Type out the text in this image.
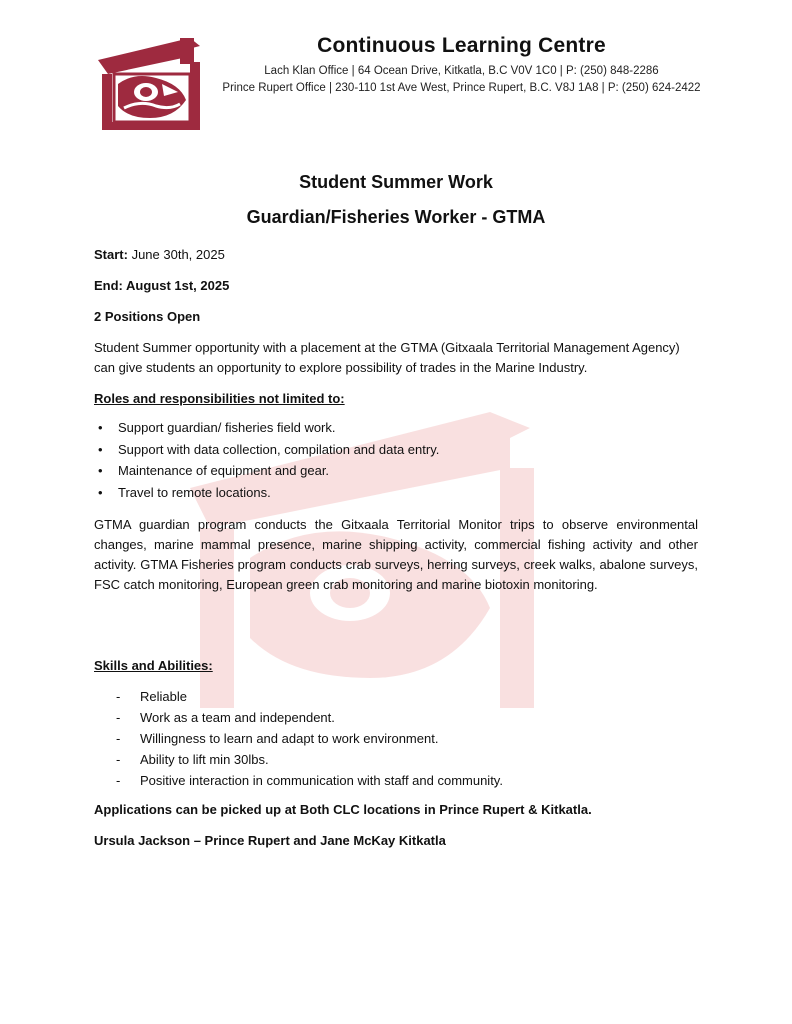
Continuous Learning Centre
Lach Klan Office | 64 Ocean Drive, Kitkatla, B.C V0V 1C0 | P: (250) 848-2286
Prince Rupert Office | 230-110 1st Ave West, Prince Rupert, B.C. V8J 1A8 | P: (250) 624-2422
Student Summer Work
Guardian/Fisheries Worker - GTMA
Start: June 30th, 2025
End: August 1st, 2025
2 Positions Open
Student Summer opportunity with a placement at the GTMA (Gitxaala Territorial Management Agency) can give students an opportunity to explore possibility of trades in the Marine Industry.
Roles and responsibilities not limited to:
• Support guardian/ fisheries field work.
• Support with data collection, compilation and data entry.
• Maintenance of equipment and gear.
• Travel to remote locations.
GTMA guardian program conducts the Gitxaala Territorial Monitor trips to observe environmental changes, marine mammal presence, marine shipping activity, commercial fishing activity and other activity. GTMA Fisheries program conducts crab surveys, herring surveys, creek walks, abalone surveys, FSC catch monitoring, European green crab monitoring and marine biotoxin monitoring.
Skills and Abilities:
- Reliable
- Work as a team and independent.
- Willingness to learn and adapt to work environment.
- Ability to lift min 30lbs.
- Positive interaction in communication with staff and community.
Applications can be picked up at Both CLC locations in Prince Rupert & Kitkatla.
Ursula Jackson – Prince Rupert and Jane McKay Kitkatla
